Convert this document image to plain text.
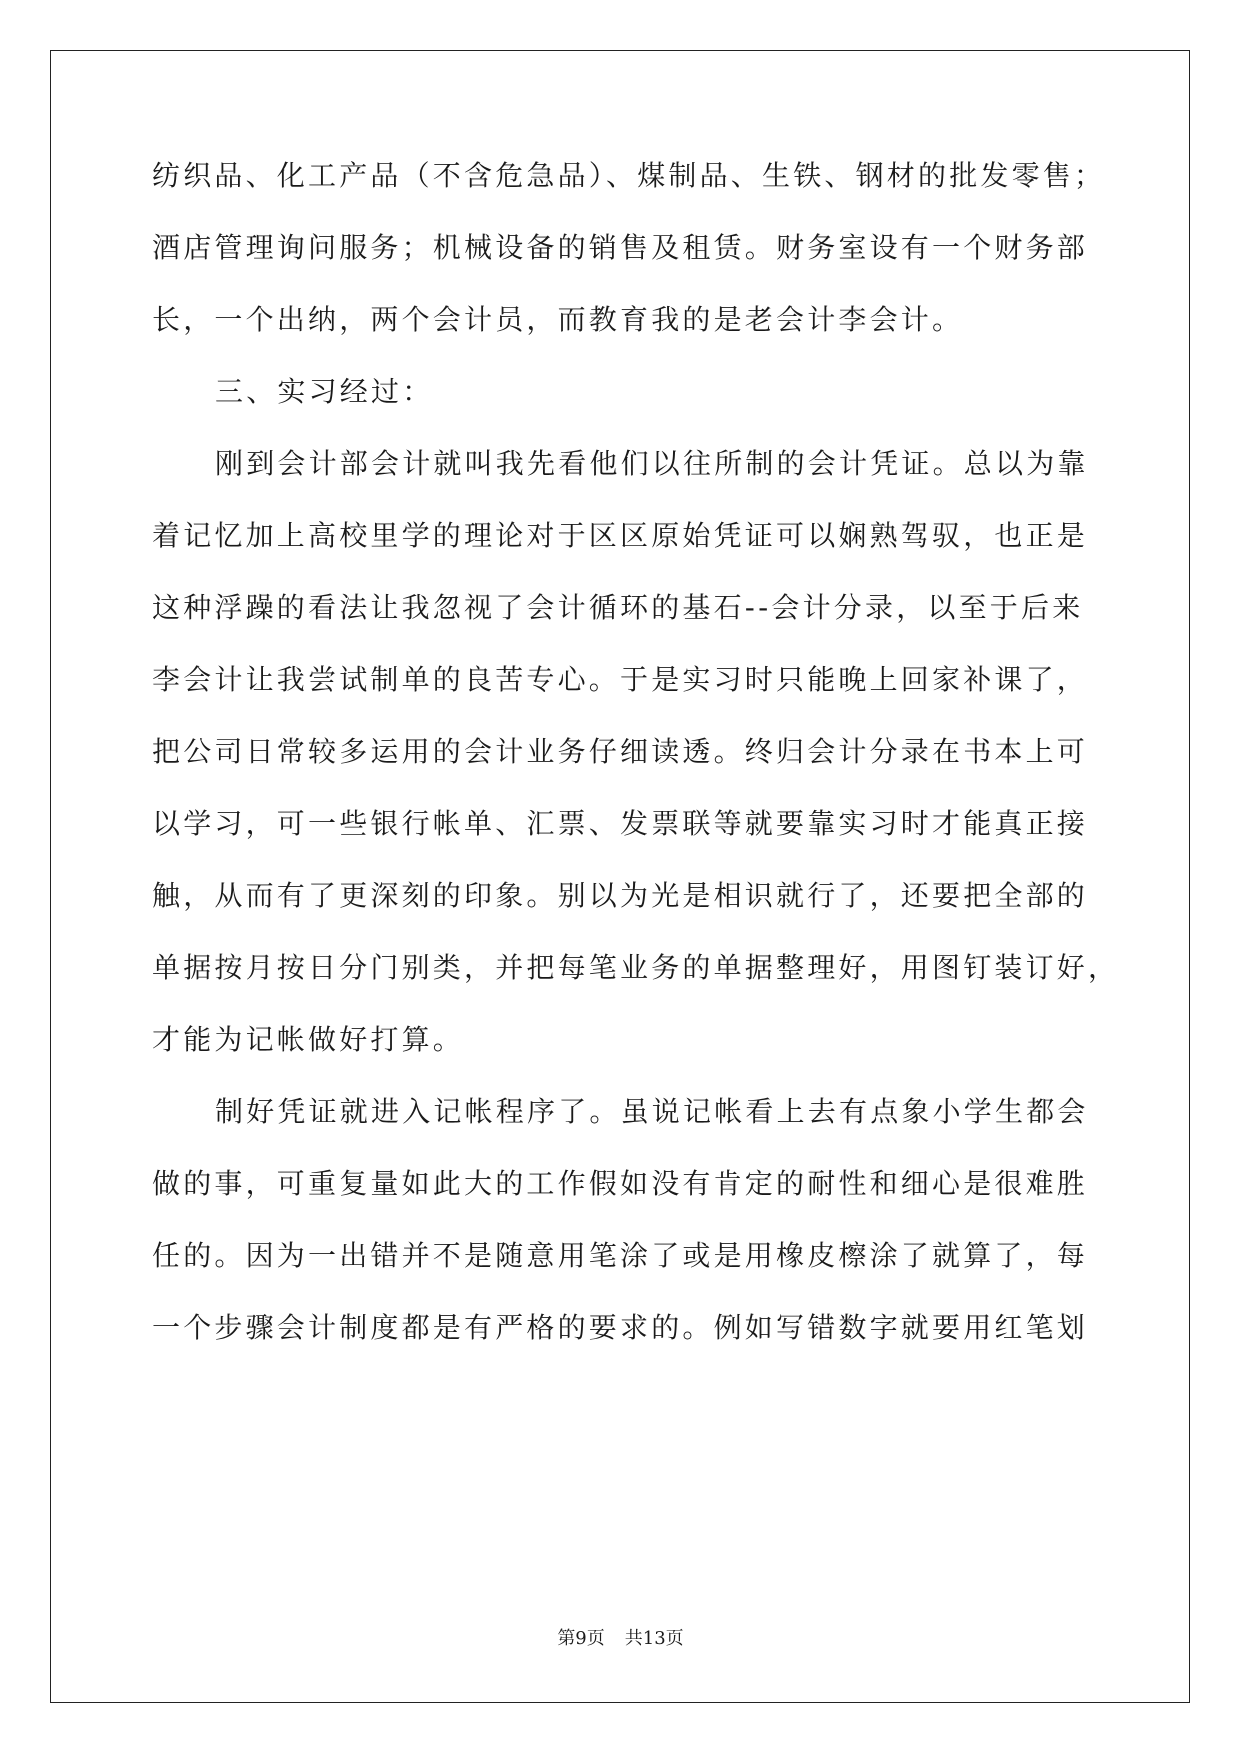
纺织品、化工产品（不含危急品）、煤制品、生铁、钢材的批发零售；
酒店管理询问服务；机械设备的销售及租赁。财务室设有一个财务部
长，一个出纳，两个会计员，而教育我的是老会计李会计。
三、实习经过：
刚到会计部会计就叫我先看他们以往所制的会计凭证。总以为靠
着记忆加上高校里学的理论对于区区原始凭证可以娴熟驾驭，也正是
这种浮躁的看法让我忽视了会计循环的基石--会计分录，以至于后来
李会计让我尝试制单的良苦专心。于是实习时只能晚上回家补课了，
把公司日常较多运用的会计业务仔细读透。终归会计分录在书本上可
以学习，可一些银行帐单、汇票、发票联等就要靠实习时才能真正接
触，从而有了更深刻的印象。别以为光是相识就行了，还要把全部的
单据按月按日分门别类，并把每笔业务的单据整理好，用图钉装订好，
才能为记帐做好打算。
制好凭证就进入记帐程序了。虽说记帐看上去有点象小学生都会
做的事，可重复量如此大的工作假如没有肯定的耐性和细心是很难胜
任的。因为一出错并不是随意用笔涂了或是用橡皮檫涂了就算了，每
一个步骤会计制度都是有严格的要求的。例如写错数字就要用红笔划
第9页 共13页
